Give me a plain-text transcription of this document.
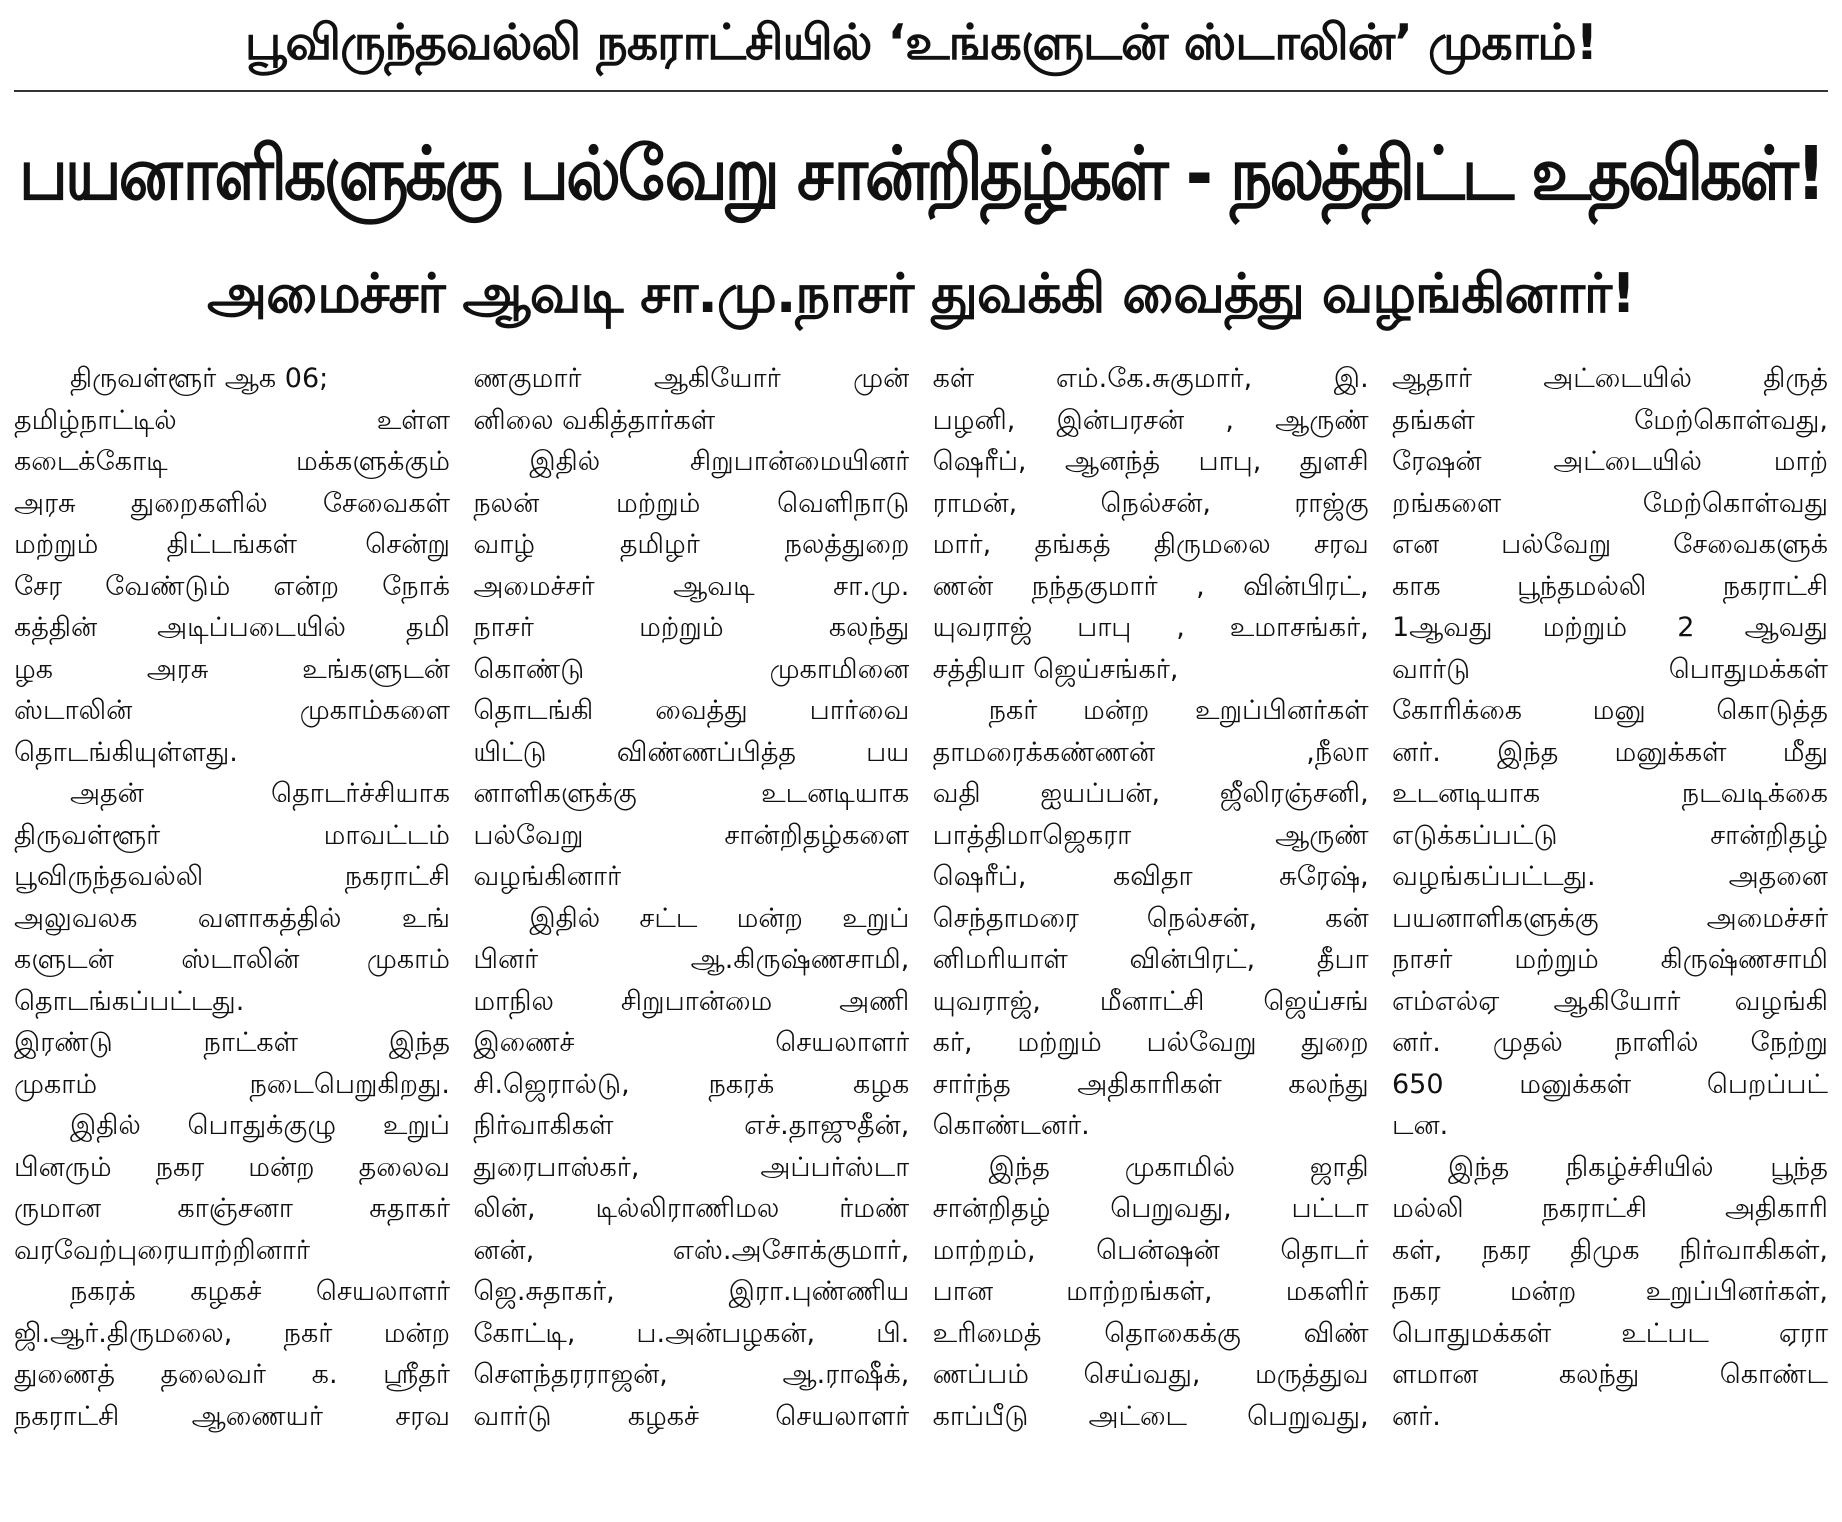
பூவிருந்தவல்லி நகராட்சியில் ‘உங்களுடன் ஸ்டாலின்’ முகாம்!
பயனாளிகளுக்கு பல்வேறு சான்றிதழ்கள் - நலத்திட்ட உதவிகள்!
அமைச்சர் ஆவடி சா.மு.நாசர் துவக்கி வைத்து வழங்கினார்!
திருவள்ளூர் ஆக 06;
தமிழ்நாட்டில் உள்ள
கடைக்கோடி மக்களுக்கும்
அரசு துறைகளில் சேவைகள்
மற்றும் திட்டங்கள் சென்று
சேர வேண்டும் என்ற நோக்
கத்தின் அடிப்படையில் தமி
ழக அரசு உங்களுடன்
ஸ்டாலின் முகாம்களை
தொடங்கியுள்ளது.
அதன் தொடர்ச்சியாக
திருவள்ளூர் மாவட்டம்
பூவிருந்தவல்லி நகராட்சி
அலுவலக வளாகத்தில் உங்
களுடன் ஸ்டாலின் முகாம்
தொடங்கப்பட்டது.
இரண்டு நாட்கள் இந்த
முகாம் நடைபெறுகிறது.
இதில் பொதுக்குழு உறுப்
பினரும் நகர மன்ற தலைவ
ருமான காஞ்சனா சுதாகர்
வரவேற்புரையாற்றினார்
நகரக் கழகச் செயலாளர்
ஜி.ஆர்.திருமலை, நகர் மன்ற
துணைத் தலைவர் க. ஸ்ரீதர்
நகராட்சி ஆணையர் சரவ
ணகுமார் ஆகியோர் முன்
னிலை வகித்தார்கள்
இதில் சிறுபான்மையினர்
நலன் மற்றும் வெளிநாடு
வாழ் தமிழர் நலத்துறை
அமைச்சர் ஆவடி சா.மு.
நாசர் மற்றும் கலந்து
கொண்டு முகாமினை
தொடங்கி வைத்து பார்வை
யிட்டு விண்ணப்பித்த பய
னாளிகளுக்கு உடனடியாக
பல்வேறு சான்றிதழ்களை
வழங்கினார்
இதில் சட்ட மன்ற உறுப்
பினர் ஆ.கிருஷ்ணசாமி,
மாநில சிறுபான்மை அணி
இணைச் செயலாளர்
சி.ஜெரால்டு, நகரக் கழக
நிர்வாகிகள் எச்.தாஜுதீன்,
துரைபாஸ்கர், அப்பர்ஸ்டா
லின், டில்லிராணிமல ர்மண்
னன், எஸ்.அசோக்குமார்,
ஜெ.சுதாகர், இரா.புண்ணிய
கோட்டி, ப.அன்பழகன், பி.
சௌந்தரராஜன், ஆ.ராஷீக்,
வார்டு கழகச் செயலாளர்
கள் எம்.கே.சுகுமார், இ.
பழனி, இன்பரசன் , ஆருண்
ஷெரீப், ஆனந்த் பாபு, துளசி
ராமன், நெல்சன், ராஜ்கு
மார், தங்கத் திருமலை சரவ
ணன் நந்தகுமார் , வின்பிரட்,
யுவராஜ் பாபு , உமாசங்கர்,
சத்தியா ஜெய்சங்கர்,
நகர் மன்ற உறுப்பினர்கள்
தாமரைக்கண்ணன் ,நீலா
வதி ஐயப்பன், ஜீலிரஞ்சனி,
பாத்திமாஜெகரா ஆருண்
ஷெரீப், கவிதா சுரேஷ்,
செந்தாமரை நெல்சன், கன்
னிமரியாள் வின்பிரட், தீபா
யுவராஜ், மீனாட்சி ஜெய்சங்
கர், மற்றும் பல்வேறு துறை
சார்ந்த அதிகாரிகள் கலந்து
கொண்டனர்.
இந்த முகாமில் ஜாதி
சான்றிதழ் பெறுவது, பட்டா
மாற்றம், பென்ஷன் தொடர்
பான மாற்றங்கள், மகளிர்
உரிமைத் தொகைக்கு விண்
ணப்பம் செய்வது, மருத்துவ
காப்பீடு அட்டை பெறுவது,
ஆதார் அட்டையில் திருத்
தங்கள் மேற்கொள்வது,
ரேஷன் அட்டையில் மாற்
றங்களை மேற்கொள்வது
என பல்வேறு சேவைகளுக்
காக பூந்தமல்லி நகராட்சி
1ஆவது மற்றும் 2 ஆவது
வார்டு பொதுமக்கள்
கோரிக்கை மனு கொடுத்த
னர். இந்த மனுக்கள் மீது
உடனடியாக நடவடிக்கை
எடுக்கப்பட்டு சான்றிதழ்
வழங்கப்பட்டது. அதனை
பயனாளிகளுக்கு அமைச்சர்
நாசர் மற்றும் கிருஷ்ணசாமி
எம்எல்ஏ ஆகியோர் வழங்கி
னர். முதல் நாளில் நேற்று
650 மனுக்கள் பெறப்பட்
டன.
இந்த நிகழ்ச்சியில் பூந்த
மல்லி நகராட்சி அதிகாரி
கள், நகர திமுக நிர்வாகிகள்,
நகர மன்ற உறுப்பினர்கள்,
பொதுமக்கள் உட்பட ஏரா
ளமான கலந்து கொண்ட
னர்.
